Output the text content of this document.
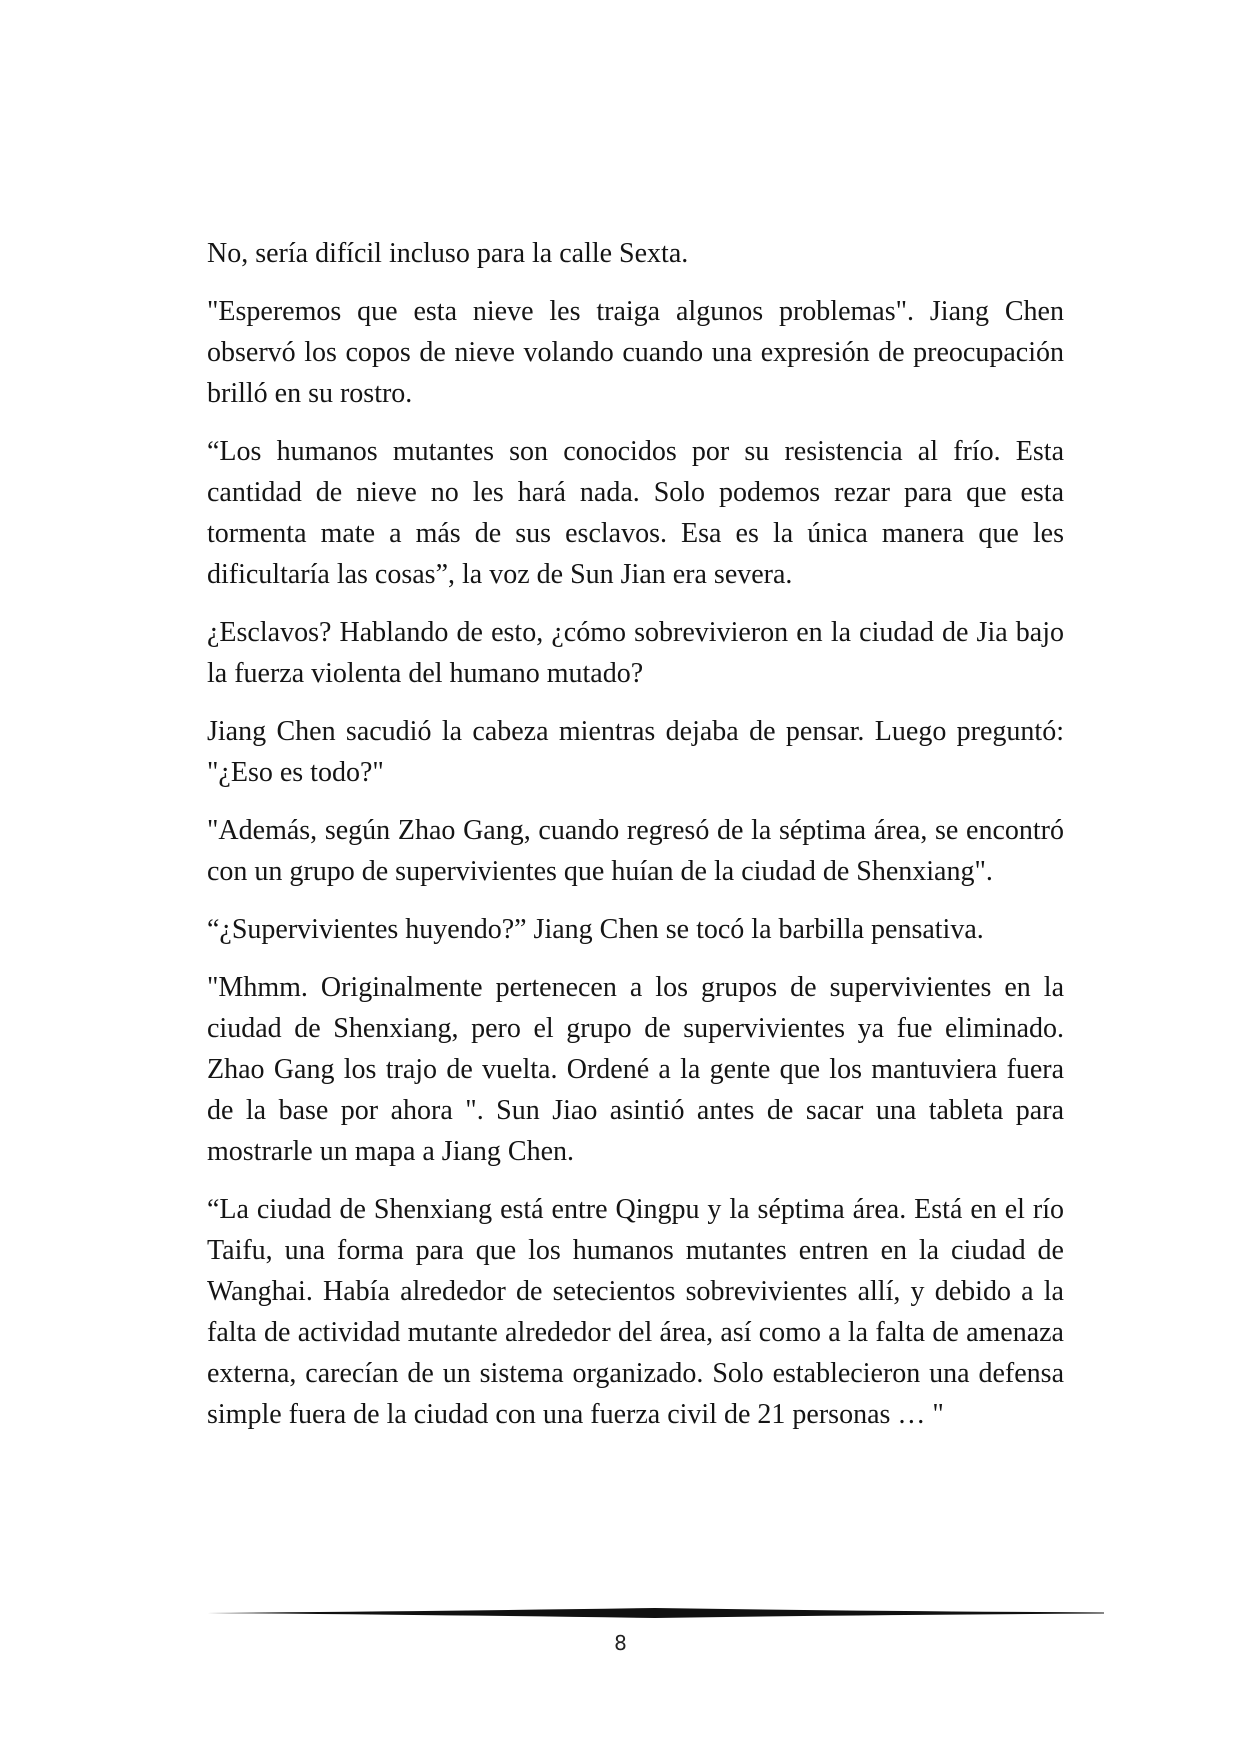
No, sería difícil incluso para la calle Sexta.

"Esperemos que esta nieve les traiga algunos problemas". Jiang Chen observó los copos de nieve volando cuando una expresión de preocupación brilló en su rostro.

“Los humanos mutantes son conocidos por su resistencia al frío. Esta cantidad de nieve no les hará nada. Solo podemos rezar para que esta tormenta mate a más de sus esclavos. Esa es la única manera que les dificultaría las cosas”, la voz de Sun Jian era severa.

¿Esclavos? Hablando de esto, ¿cómo sobrevivieron en la ciudad de Jia bajo la fuerza violenta del humano mutado?

Jiang Chen sacudió la cabeza mientras dejaba de pensar. Luego preguntó: "¿Eso es todo?"

"Además, según Zhao Gang, cuando regresó de la séptima área, se encontró con un grupo de supervivientes que huían de la ciudad de Shenxiang".

“¿Supervivientes huyendo?” Jiang Chen se tocó la barbilla pensativa.

"Mhmm. Originalmente pertenecen a los grupos de supervivientes en la ciudad de Shenxiang, pero el grupo de supervivientes ya fue eliminado. Zhao Gang los trajo de vuelta. Ordené a la gente que los mantuviera fuera de la base por ahora ". Sun Jiao asintió antes de sacar una tableta para mostrarle un mapa a Jiang Chen.

“La ciudad de Shenxiang está entre Qingpu y la séptima área. Está en el río Taifu, una forma para que los humanos mutantes entren en la ciudad de Wanghai. Había alrededor de setecientos sobrevivientes allí, y debido a la falta de actividad mutante alrededor del área, así como a la falta de amenaza externa, carecían de un sistema organizado. Solo establecieron una defensa simple fuera de la ciudad con una fuerza civil de 21 personas … "

8
